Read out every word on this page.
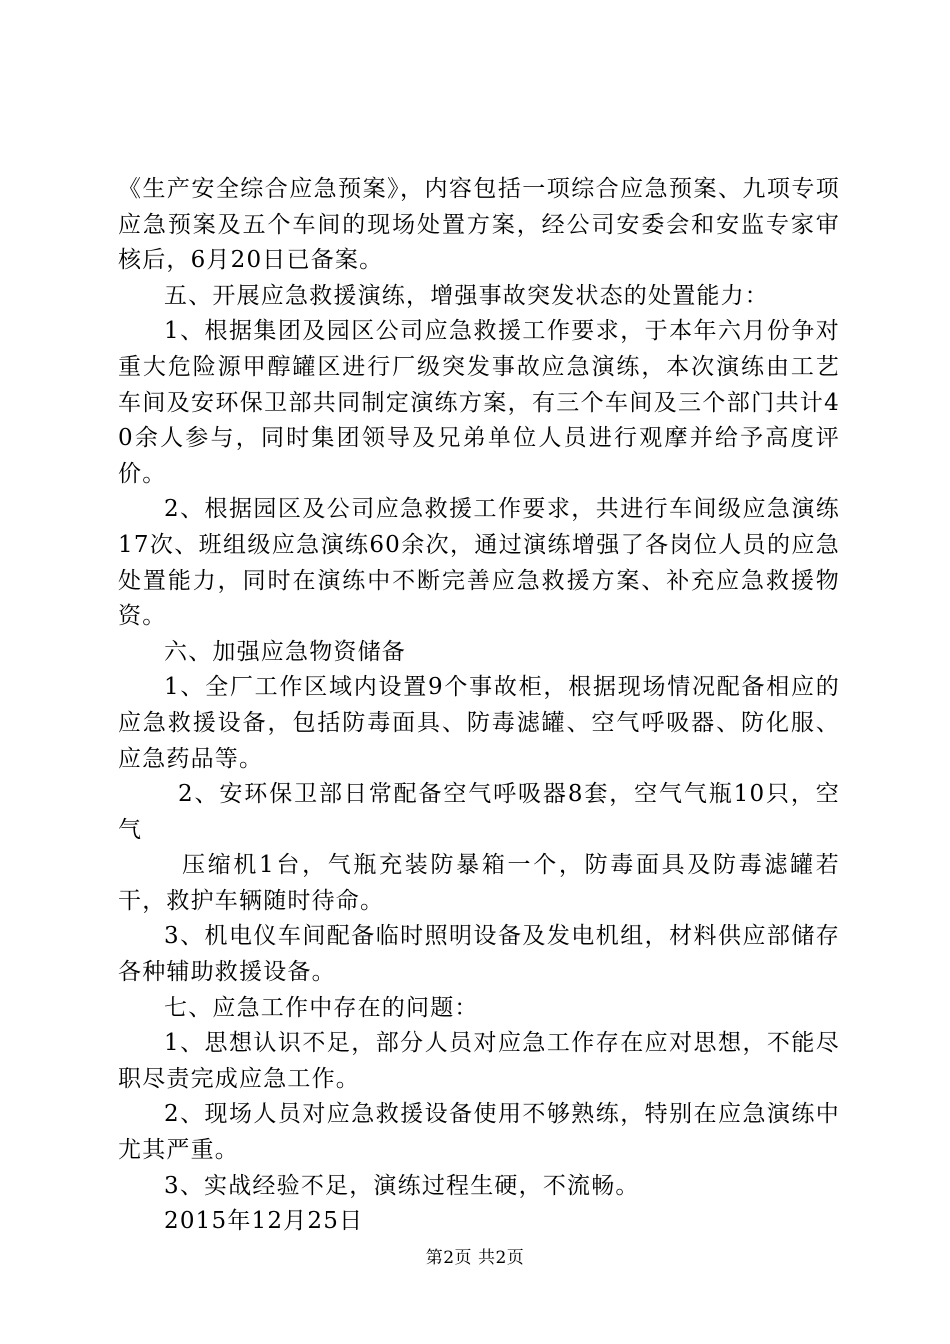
《生产安全综合应急预案》，内容包括一项综合应急预案、九项专项应急预案及五个车间的现场处置方案，经公司安委会和安监专家审核后，6月20日已备案。

五、开展应急救援演练，增强事故突发状态的处置能力：

1、根据集团及园区公司应急救援工作要求，于本年六月份争对重大危险源甲醇罐区进行厂级突发事故应急演练，本次演练由工艺车间及安环保卫部共同制定演练方案，有三个车间及三个部门共计40余人参与，同时集团领导及兄弟单位人员进行观摩并给予高度评价。

2、根据园区及公司应急救援工作要求，共进行车间级应急演练17次、班组级应急演练60余次，通过演练增强了各岗位人员的应急处置能力，同时在演练中不断完善应急救援方案、补充应急救援物资。

六、加强应急物资储备

1、全厂工作区域内设置9个事故柜，根据现场情况配备相应的应急救援设备，包括防毒面具、防毒滤罐、空气呼吸器、防化服、应急药品等。

2、安环保卫部日常配备空气呼吸器8套，空气气瓶10只，空气

压缩机1台，气瓶充装防暴箱一个，防毒面具及防毒滤罐若干，救护车辆随时待命。

3、机电仪车间配备临时照明设备及发电机组，材料供应部储存各种辅助救援设备。

七、应急工作中存在的问题：

1、思想认识不足，部分人员对应急工作存在应对思想，不能尽职尽责完成应急工作。

2、现场人员对应急救援设备使用不够熟练，特别在应急演练中尤其严重。

3、实战经验不足，演练过程生硬，不流畅。

2015年12月25日

第2页 共2页
